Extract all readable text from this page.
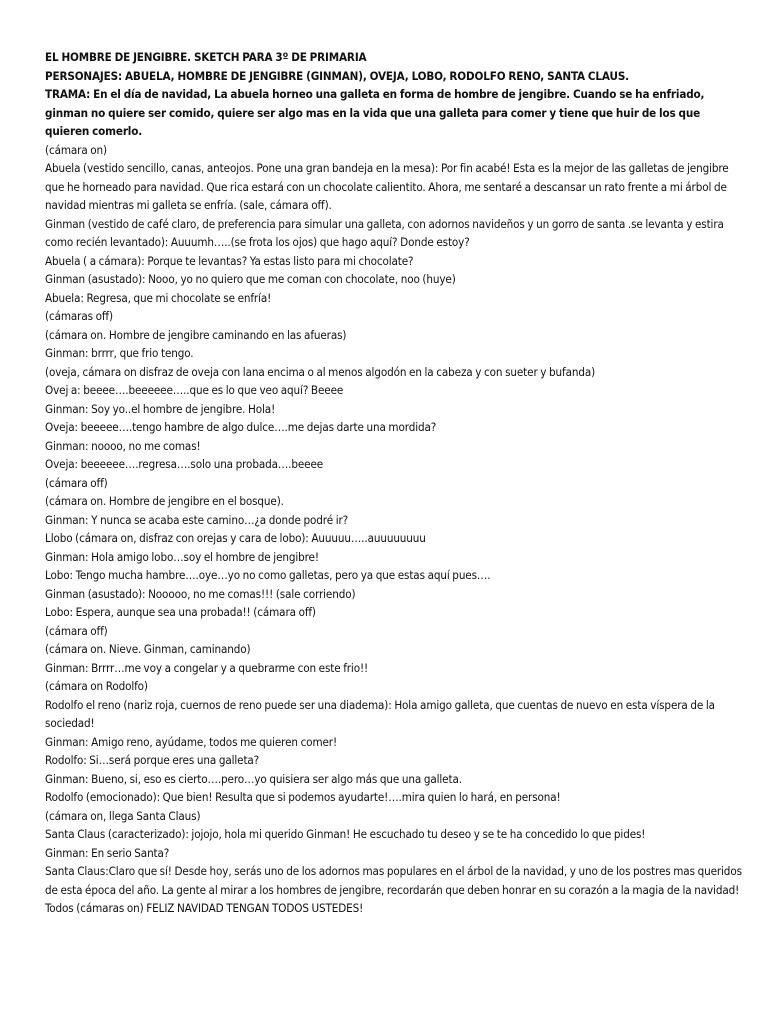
EL HOMBRE DE JENGIBRE. SKETCH PARA 3º DE PRIMARIA
PERSONAJES: ABUELA, HOMBRE DE JENGIBRE (GINMAN), OVEJA, LOBO, RODOLFO RENO, SANTA CLAUS.
TRAMA: En el día de navidad, La abuela horneo una galleta en forma de hombre de jengibre. Cuando se ha enfriado, ginman no quiere ser comido, quiere ser algo mas en la vida que una galleta para comer y tiene que huir de los que quieren comerlo.
(cámara on)
Abuela (vestido sencillo, canas, anteojos. Pone una gran bandeja en la mesa): Por fin acabé! Esta es la mejor de las galletas de jengibre que he horneado para navidad. Que rica estará con un chocolate calientito. Ahora, me sentaré a descansar un rato frente a mi árbol de navidad mientras mi galleta se enfría. (sale, cámara off).
Ginman (vestido de café claro, de preferencia para simular una galleta, con adornos navideños y un gorro de santa .se levanta y estira como recién levantado): Auuumh…..(se frota los ojos) que hago aquí? Donde estoy?
Abuela ( a cámara): Porque te levantas? Ya estas listo para mi chocolate?
Ginman (asustado): Nooo, yo no quiero que me coman con chocolate, noo (huye)
Abuela: Regresa, que mi chocolate se enfría!
(cámaras off)
(cámara on. Hombre de jengibre caminando en las afueras)
Ginman: brrrr, que frio tengo.
(oveja, cámara on disfraz de oveja con lana encima o al menos algodón en la cabeza y con sueter y bufanda)
Ovej a: beeee….beeeeee…..que es lo que veo aquí? Beeee
Ginman: Soy yo..el hombre de jengibre. Hola!
Oveja: beeeee….tengo hambre de algo dulce….me dejas darte una mordida?
Ginman: noooo, no me comas!
Oveja: beeeeee….regresa….solo una probada….beeee
(cámara off)
(cámara on. Hombre de jengibre en el bosque).
Ginman: Y nunca se acaba este camino…¿a donde podré ir?
Llobo (cámara on, disfraz con orejas y cara de lobo): Auuuuu…..auuuuuuuu
Ginman: Hola amigo lobo…soy el hombre de jengibre!
Lobo: Tengo mucha hambre….oye…yo no como galletas, pero ya que estas aquí pues….
Ginman (asustado): Nooooo, no me comas!!! (sale corriendo)
Lobo: Espera, aunque sea una probada!! (cámara off)
(cámara off)
(cámara on. Nieve. Ginman, caminando)
Ginman: Brrrr…me voy a congelar y a quebrarme con este frio!!
(cámara on Rodolfo)
Rodolfo el reno (nariz roja, cuernos de reno puede ser una diadema): Hola amigo galleta, que cuentas de nuevo en esta víspera de la sociedad!
Ginman: Amigo reno, ayúdame, todos me quieren comer!
Rodolfo: Si…será porque eres una galleta?
Ginman: Bueno, si, eso es cierto….pero…yo quisiera ser algo más que una galleta.
Rodolfo (emocionado): Que bien! Resulta que si podemos ayudarte!….mira quien lo hará, en persona!
(cámara on, llega Santa Claus)
Santa Claus (caracterizado): jojojo, hola mi querido Ginman! He escuchado tu deseo y se te ha concedido lo que pides!
Ginman: En serio Santa?
Santa Claus:Claro que sí! Desde hoy, serás uno de los adornos mas populares en el árbol de la navidad, y uno de los postres mas queridos de esta época del año. La gente al mirar a los hombres de jengibre, recordarán que deben honrar en su corazón a la magia de la navidad!
Todos (cámaras on) FELIZ NAVIDAD TENGAN TODOS USTEDES!
